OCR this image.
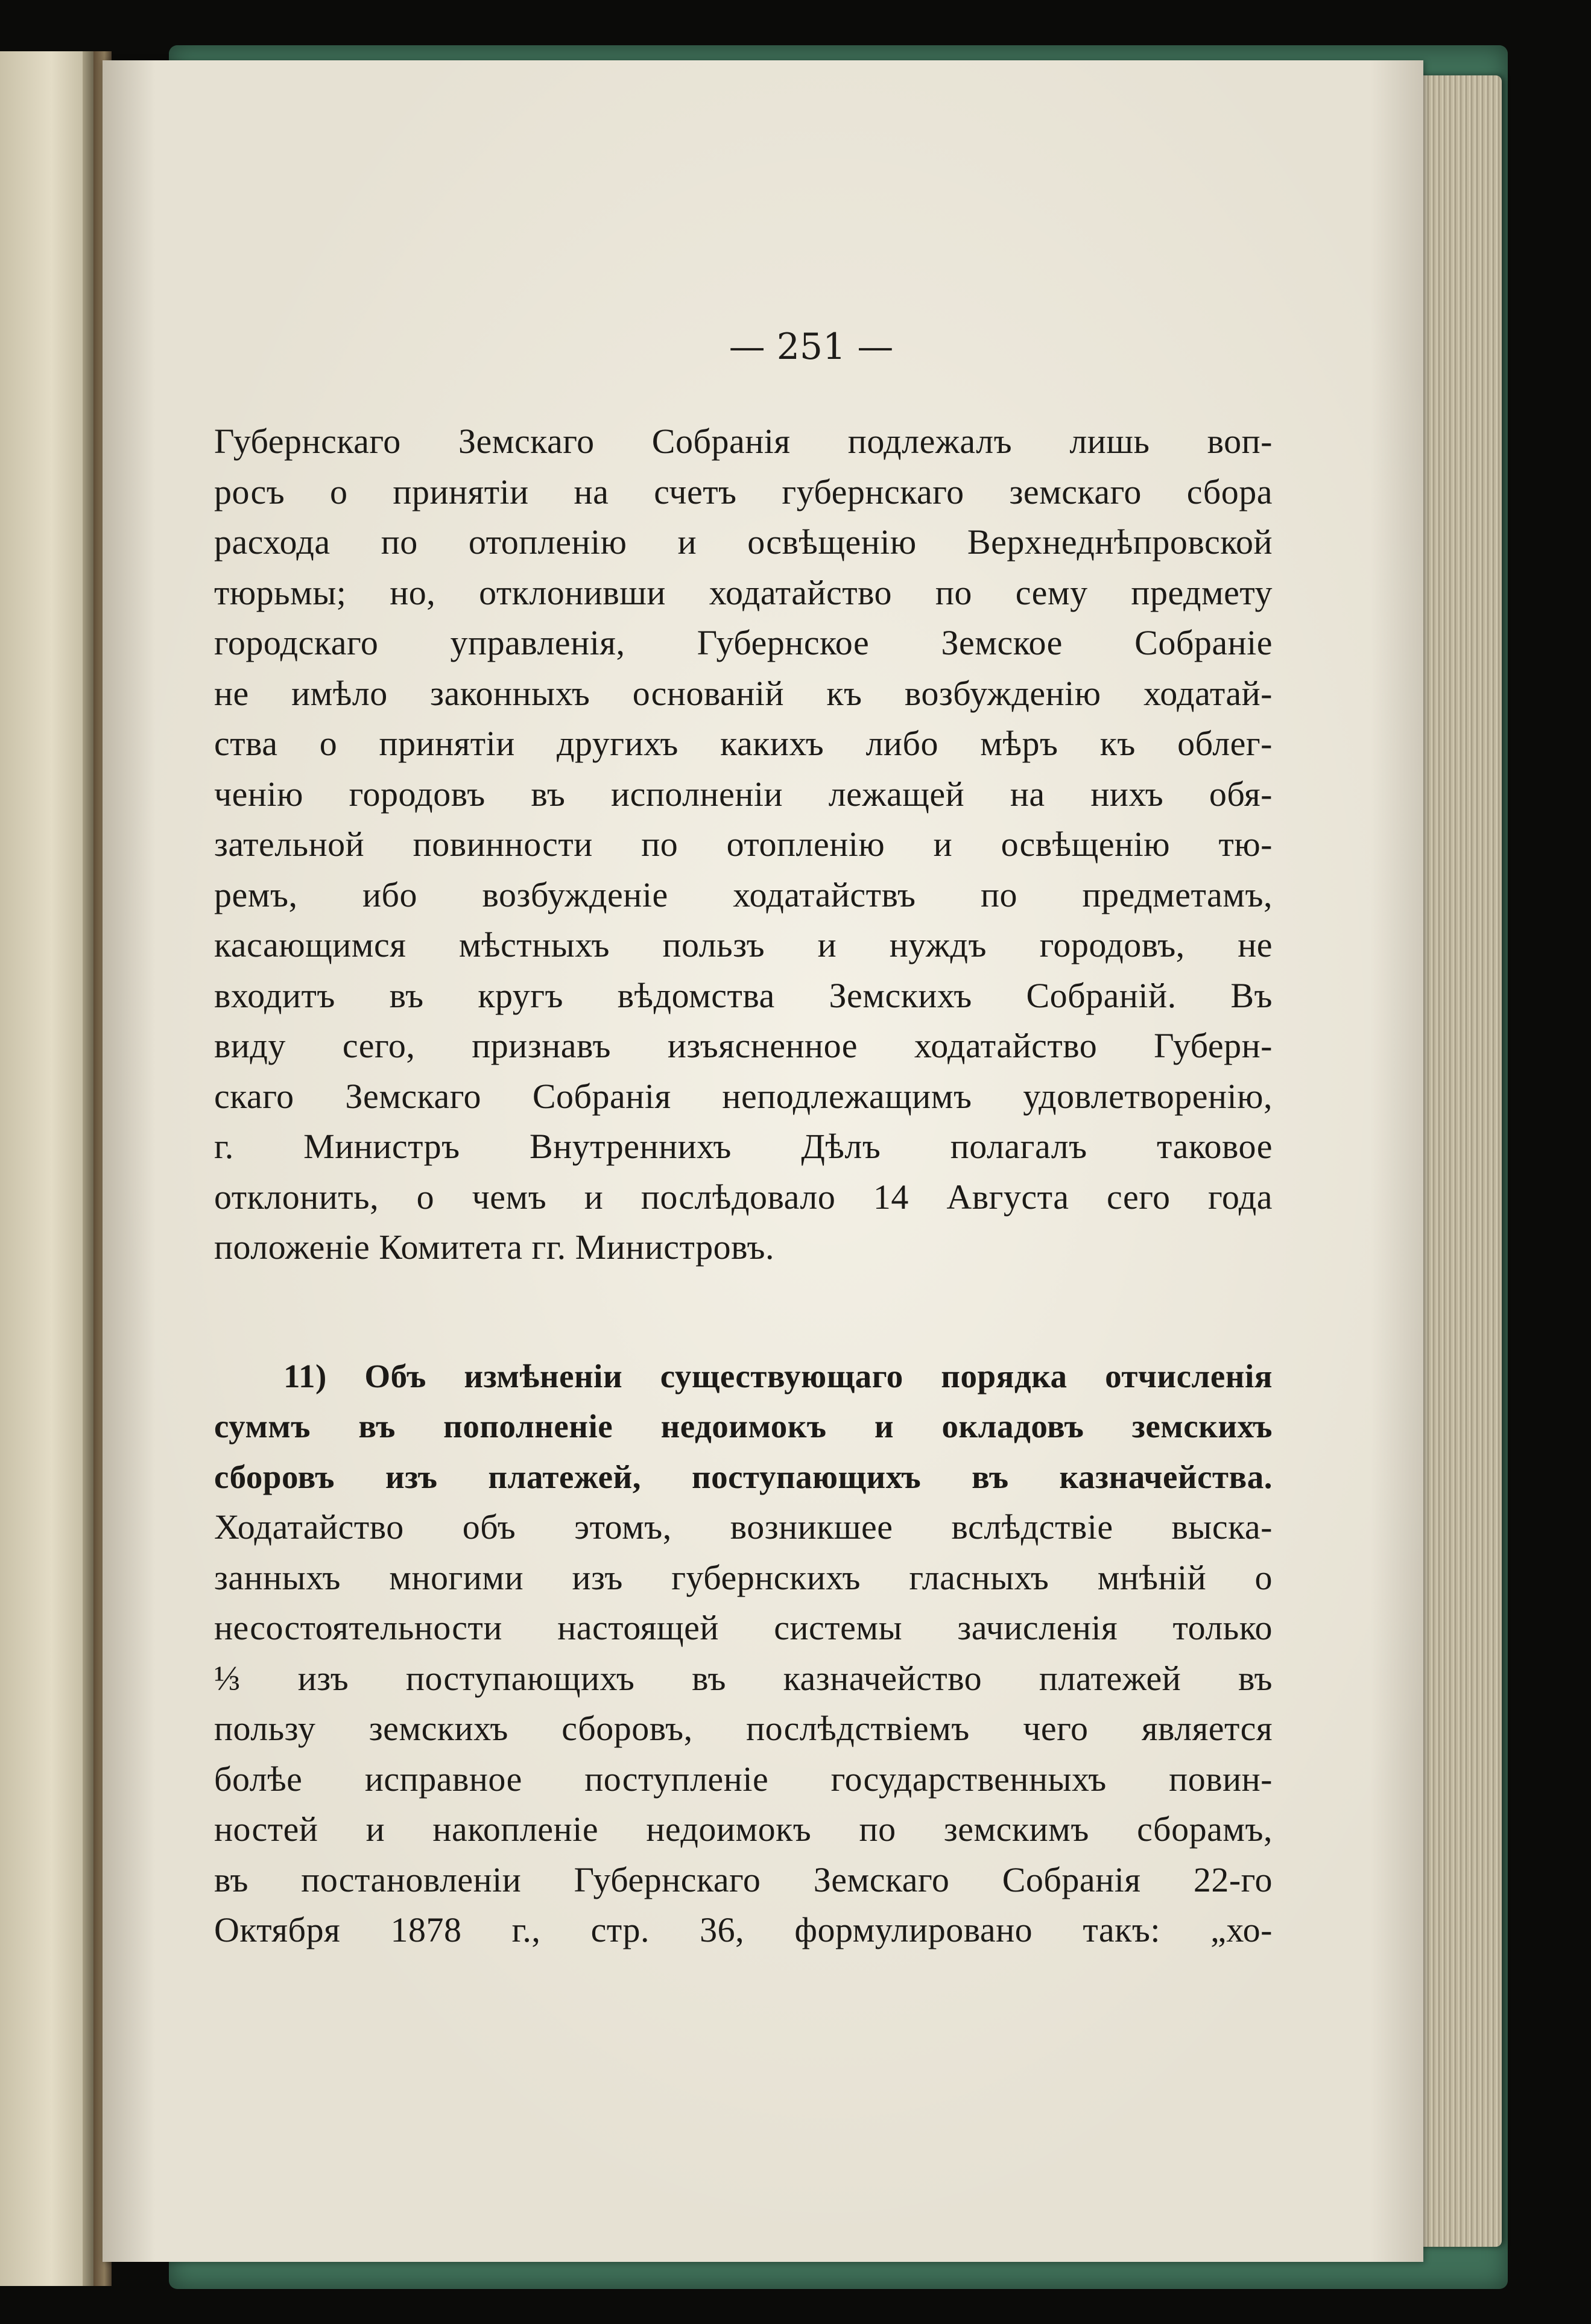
— 251 —
Губернскаго Земскаго Собранія подлежалъ лишь воп-
росъ о принятіи на счетъ губернскаго земскаго сбора
расхода по отопленію и освѣщенію Верхнеднѣпровской
тюрьмы; но, отклонивши ходатайство по сему предмету
городскаго управленія, Губернское Земское Собраніе
не имѣло законныхъ основаній къ возбужденію ходатай-
ства о принятіи другихъ какихъ либо мѣръ къ облег-
ченію городовъ въ исполненіи лежащей на нихъ обя-
зательной повинности по отопленію и освѣщенію тю-
ремъ, ибо возбужденіе ходатайствъ по предметамъ,
касающимся мѣстныхъ пользъ и нуждъ городовъ, не
входитъ въ кругъ вѣдомства Земскихъ Собраній. Въ
виду сего, признавъ изъясненное ходатайство Губерн-
скаго Земскаго Собранія неподлежащимъ удовлетворенію,
г. Министръ Внутреннихъ Дѣлъ полагалъ таковое
отклонить, о чемъ и послѣдовало 14 Августа сего года
положеніе Комитета гг. Министровъ.
11) Объ измѣненіи существующаго порядка отчисленія
суммъ въ пополненіе недоимокъ и окладовъ земскихъ
сборовъ изъ платежей, поступающихъ въ казначейства.
Ходатайство объ этомъ, возникшее вслѣдствіе выска-
занныхъ многими изъ губернскихъ гласныхъ мнѣній о
несостоятельности настоящей системы зачисленія только
⅓ изъ поступающихъ въ казначейство платежей въ
пользу земскихъ сборовъ, послѣдствіемъ чего является
болѣе исправное поступленіе государственныхъ повин-
ностей и накопленіе недоимокъ по земскимъ сборамъ,
въ постановленіи Губернскаго Земскаго Собранія 22-го
Октября 1878 г., стр. 36, формулировано такъ: „хо-
